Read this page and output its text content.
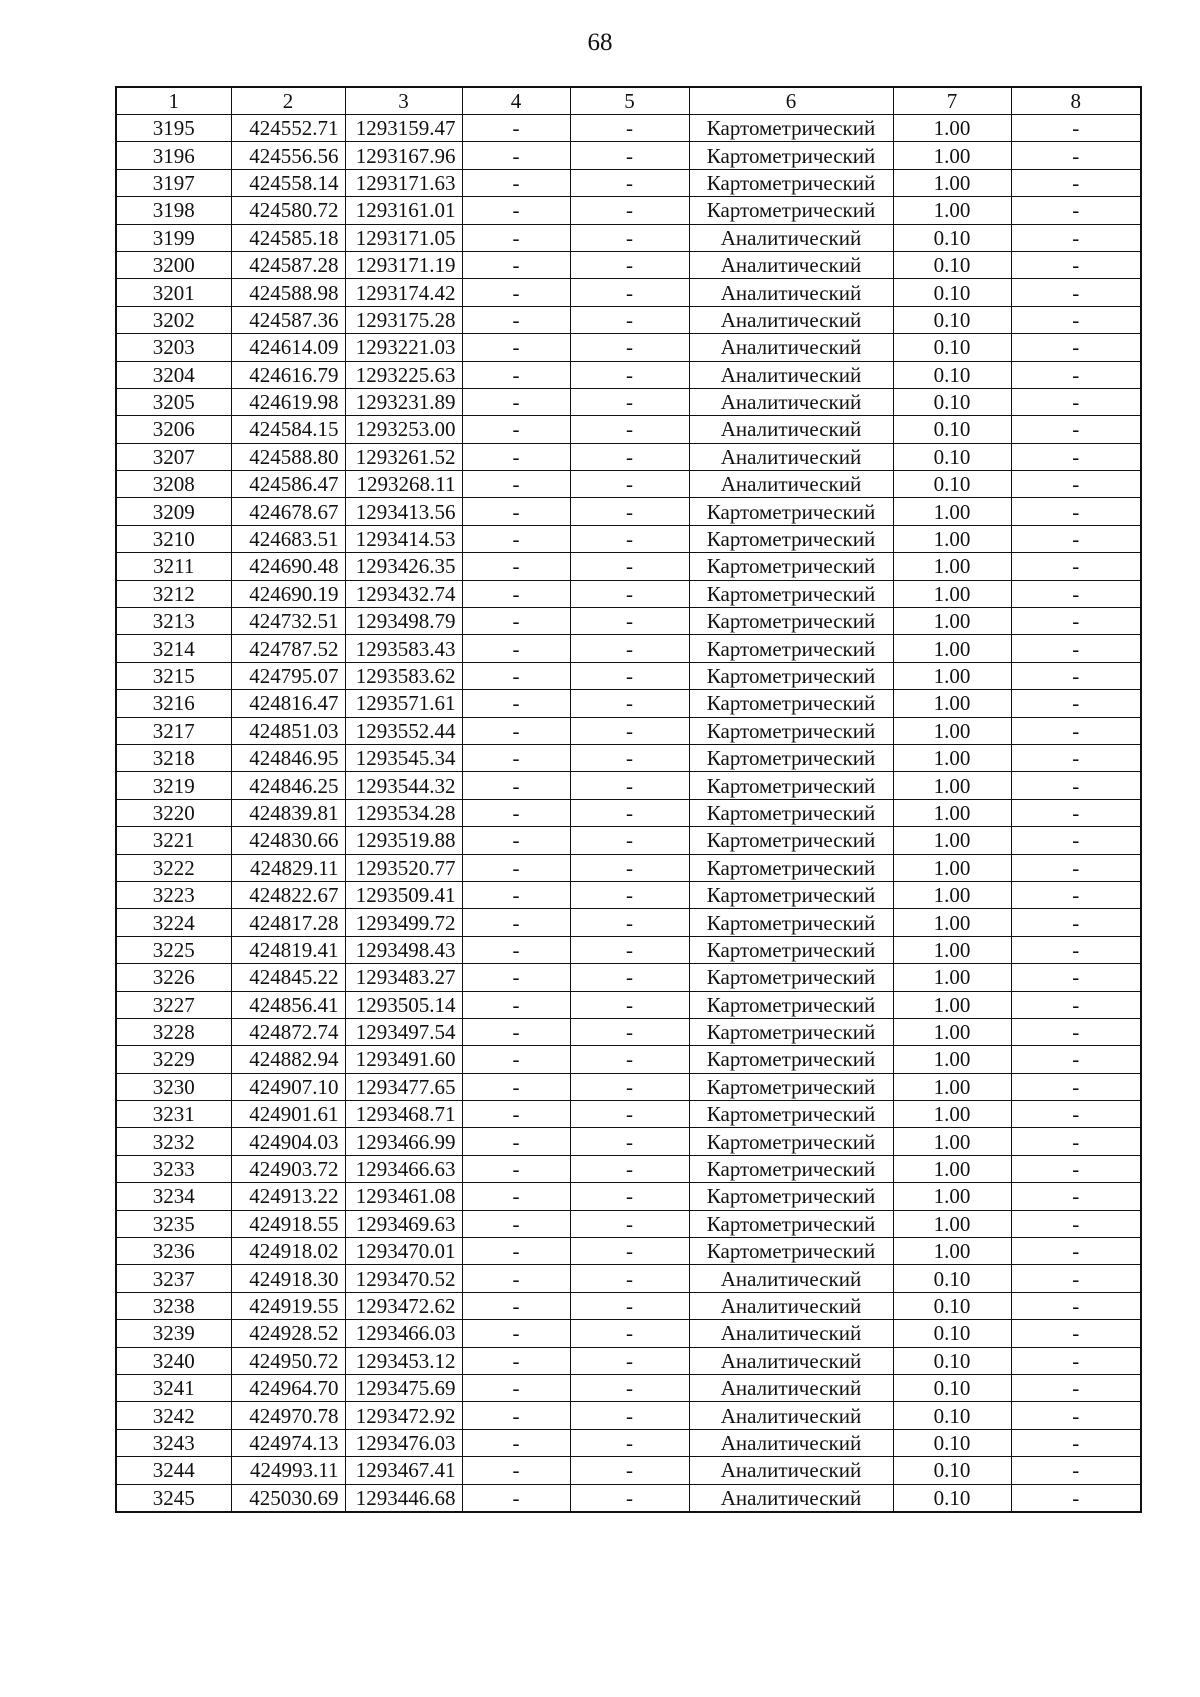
68
1	2	3	4	5	6	7	8
3195	424552.71	1293159.47	-	-	Картометрический	1.00	-
3196	424556.56	1293167.96	-	-	Картометрический	1.00	-
3197	424558.14	1293171.63	-	-	Картометрический	1.00	-
3198	424580.72	1293161.01	-	-	Картометрический	1.00	-
3199	424585.18	1293171.05	-	-	Аналитический	0.10	-
3200	424587.28	1293171.19	-	-	Аналитический	0.10	-
3201	424588.98	1293174.42	-	-	Аналитический	0.10	-
3202	424587.36	1293175.28	-	-	Аналитический	0.10	-
3203	424614.09	1293221.03	-	-	Аналитический	0.10	-
3204	424616.79	1293225.63	-	-	Аналитический	0.10	-
3205	424619.98	1293231.89	-	-	Аналитический	0.10	-
3206	424584.15	1293253.00	-	-	Аналитический	0.10	-
3207	424588.80	1293261.52	-	-	Аналитический	0.10	-
3208	424586.47	1293268.11	-	-	Аналитический	0.10	-
3209	424678.67	1293413.56	-	-	Картометрический	1.00	-
3210	424683.51	1293414.53	-	-	Картометрический	1.00	-
3211	424690.48	1293426.35	-	-	Картометрический	1.00	-
3212	424690.19	1293432.74	-	-	Картометрический	1.00	-
3213	424732.51	1293498.79	-	-	Картометрический	1.00	-
3214	424787.52	1293583.43	-	-	Картометрический	1.00	-
3215	424795.07	1293583.62	-	-	Картометрический	1.00	-
3216	424816.47	1293571.61	-	-	Картометрический	1.00	-
3217	424851.03	1293552.44	-	-	Картометрический	1.00	-
3218	424846.95	1293545.34	-	-	Картометрический	1.00	-
3219	424846.25	1293544.32	-	-	Картометрический	1.00	-
3220	424839.81	1293534.28	-	-	Картометрический	1.00	-
3221	424830.66	1293519.88	-	-	Картометрический	1.00	-
3222	424829.11	1293520.77	-	-	Картометрический	1.00	-
3223	424822.67	1293509.41	-	-	Картометрический	1.00	-
3224	424817.28	1293499.72	-	-	Картометрический	1.00	-
3225	424819.41	1293498.43	-	-	Картометрический	1.00	-
3226	424845.22	1293483.27	-	-	Картометрический	1.00	-
3227	424856.41	1293505.14	-	-	Картометрический	1.00	-
3228	424872.74	1293497.54	-	-	Картометрический	1.00	-
3229	424882.94	1293491.60	-	-	Картометрический	1.00	-
3230	424907.10	1293477.65	-	-	Картометрический	1.00	-
3231	424901.61	1293468.71	-	-	Картометрический	1.00	-
3232	424904.03	1293466.99	-	-	Картометрический	1.00	-
3233	424903.72	1293466.63	-	-	Картометрический	1.00	-
3234	424913.22	1293461.08	-	-	Картометрический	1.00	-
3235	424918.55	1293469.63	-	-	Картометрический	1.00	-
3236	424918.02	1293470.01	-	-	Картометрический	1.00	-
3237	424918.30	1293470.52	-	-	Аналитический	0.10	-
3238	424919.55	1293472.62	-	-	Аналитический	0.10	-
3239	424928.52	1293466.03	-	-	Аналитический	0.10	-
3240	424950.72	1293453.12	-	-	Аналитический	0.10	-
3241	424964.70	1293475.69	-	-	Аналитический	0.10	-
3242	424970.78	1293472.92	-	-	Аналитический	0.10	-
3243	424974.13	1293476.03	-	-	Аналитический	0.10	-
3244	424993.11	1293467.41	-	-	Аналитический	0.10	-
3245	425030.69	1293446.68	-	-	Аналитический	0.10	-
